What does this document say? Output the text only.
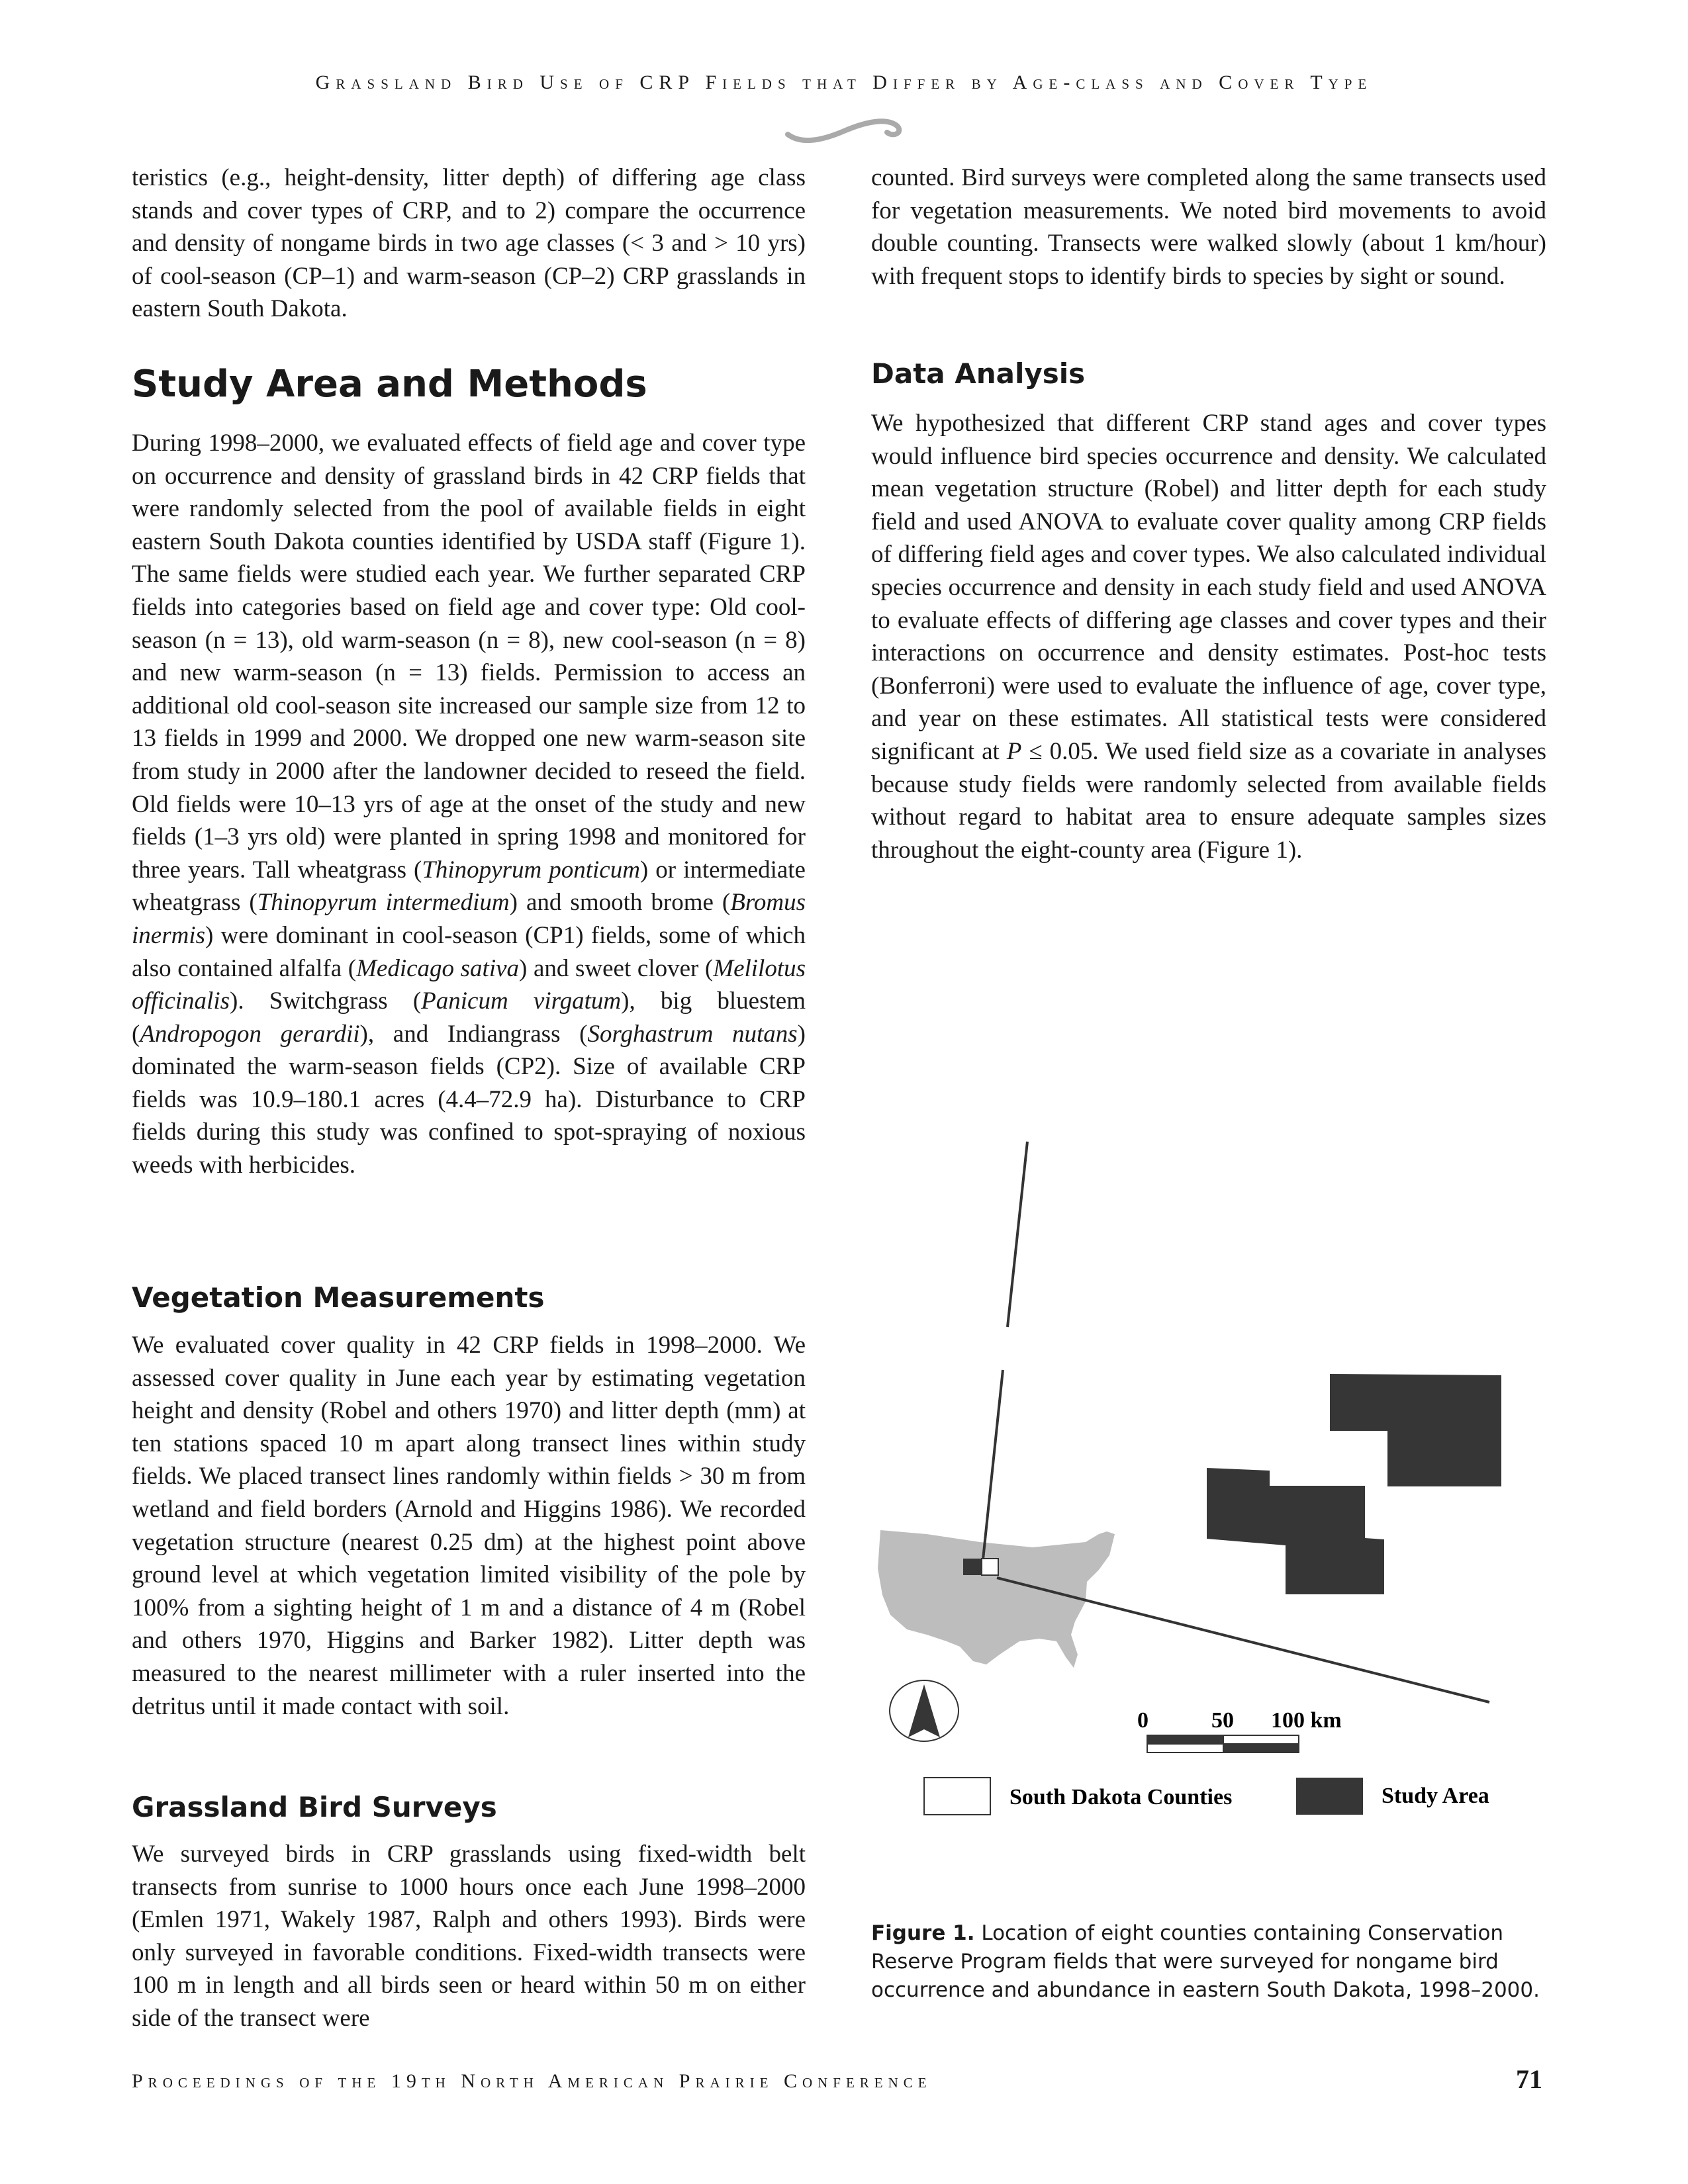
Grassland Bird Use of CRP Fields that Differ by Age-class and Cover Type

teristics (e.g., height-density, litter depth) of differing age class stands and cover types of CRP, and to 2) compare the occurrence and density of nongame birds in two age classes (< 3 and > 10 yrs) of cool-season (CP–1) and warm-season (CP–2) CRP grasslands in eastern South Dakota.

Study Area and Methods

During 1998–2000, we evaluated effects of field age and cover type on occurrence and density of grassland birds in 42 CRP fields that were randomly selected from the pool of available fields in eight eastern South Dakota counties identified by USDA staff (Figure 1). The same fields were studied each year. We further separated CRP fields into categories based on field age and cover type: Old cool-season (n = 13), old warm-season (n = 8), new cool-season (n = 8) and new warm-season (n = 13) fields. Permission to access an additional old cool-season site increased our sample size from 12 to 13 fields in 1999 and 2000. We dropped one new warm-season site from study in 2000 after the landowner decided to reseed the field. Old fields were 10–13 yrs of age at the onset of the study and new fields (1–3 yrs old) were planted in spring 1998 and monitored for three years. Tall wheatgrass (Thinopyrum ponticum) or intermediate wheatgrass (Thinopyrum intermedium) and smooth brome (Bromus inermis) were dominant in cool-season (CP1) fields, some of which also contained alfalfa (Medicago sativa) and sweet clover (Melilotus officinalis). Switchgrass (Panicum virgatum), big bluestem (Andropogon gerardii), and Indiangrass (Sorghastrum nutans) dominated the warm-season fields (CP2). Size of available CRP fields was 10.9–180.1 acres (4.4–72.9 ha). Disturbance to CRP fields during this study was confined to spot-spraying of noxious weeds with herbicides.

Vegetation Measurements

We evaluated cover quality in 42 CRP fields in 1998–2000. We assessed cover quality in June each year by estimating vegetation height and density (Robel and others 1970) and litter depth (mm) at ten stations spaced 10 m apart along transect lines within study fields. We placed transect lines randomly within fields > 30 m from wetland and field borders (Arnold and Higgins 1986). We recorded vegetation structure (nearest 0.25 dm) at the highest point above ground level at which vegetation limited visibility of the pole by 100% from a sighting height of 1 m and a distance of 4 m (Robel and others 1970, Higgins and Barker 1982). Litter depth was measured to the nearest millimeter with a ruler inserted into the detritus until it made contact with soil.

Grassland Bird Surveys

We surveyed birds in CRP grasslands using fixed-width belt transects from sunrise to 1000 hours once each June 1998–2000 (Emlen 1971, Wakely 1987, Ralph and others 1993). Birds were only surveyed in favorable conditions. Fixed-width transects were 100 m in length and all birds seen or heard within 50 m on either side of the transect were

counted. Bird surveys were completed along the same transects used for vegetation measurements. We noted bird movements to avoid double counting. Transects were walked slowly (about 1 km/hour) with frequent stops to identify birds to species by sight or sound.

Data Analysis

We hypothesized that different CRP stand ages and cover types would influence bird species occurrence and density. We calculated mean vegetation structure (Robel) and litter depth for each study field and used ANOVA to evaluate cover quality among CRP fields of differing field ages and cover types. We also calculated individual species occurrence and density in each study field and used ANOVA to evaluate effects of differing age classes and cover types and their interactions on occurrence and density estimates. Post-hoc tests (Bonferroni) were used to evaluate the influence of age, cover type, and year on these estimates. All statistical tests were considered significant at P ≤ 0.05. We used field size as a covariate in analyses because study fields were randomly selected from available fields without regard to habitat area to ensure adequate samples sizes throughout the eight-county area (Figure 1).

0	50 100 km
South Dakota Counties	Study Area
Figure 1. Location of eight counties containing Conservation Reserve Program fields that were surveyed for nongame bird occurrence and abundance in eastern South Dakota, 1998–2000.
Proceedings of the 19th North American Prairie Conference	71
